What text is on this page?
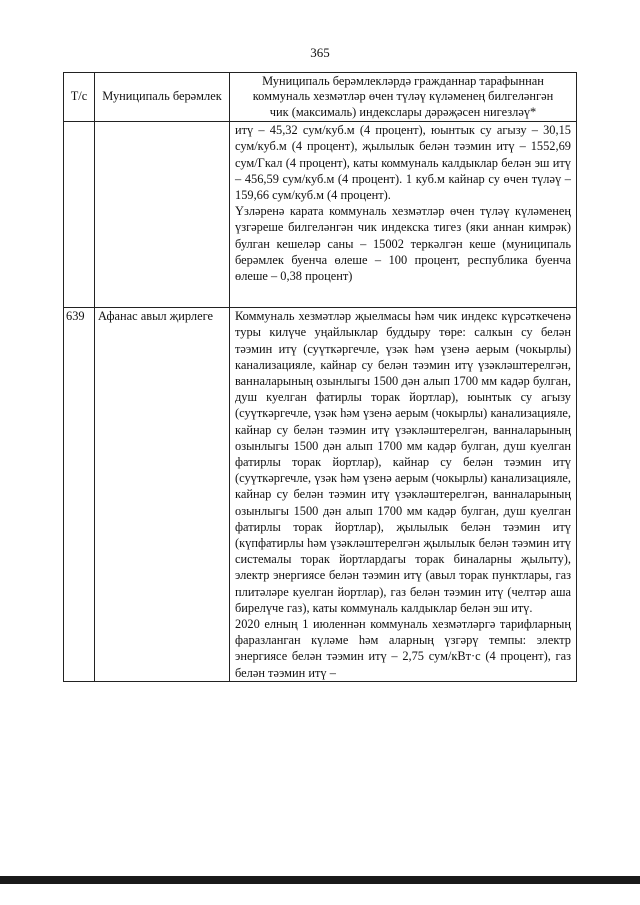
365
Т/с	Муниципаль берәмлек	Муниципаль берәмлекләрдә гражданнар тарафыннан коммуналь хезмәтләр өчен түләү күләменең билгеләнгән чик (максималь) индекслары дәрәҗәсен нигезләү*

		итү – 45,32 сум/куб.м (4 процент), юынтык су агызу – 30,15 сум/куб.м (4 процент), җылылык белән тәэмин итү – 1552,69 сум/Гкал (4 процент), каты коммуналь калдыклар белән эш итү – 456,59 сум/куб.м (4 процент). 1 куб.м кайнар су өчен түләү – 159,66 сум/куб.м (4 процент).

Үзләренә карата коммуналь хезмәтләр өчен түләү күләменең үзгәреше билгеләнгән чик индекска тигез (яки аннан кимрәк) булган кешеләр саны – 15002 теркәлгән кеше (муниципаль берәмлек буенча өлеше – 100 процент, республика буенча өлеше – 0,38 процент)

639	Афанас авыл җирлеге	Коммуналь хезмәтләр җыелмасы һәм чик индекс күрсәткеченә туры килүче уңайлыклар буддыру төре: салкын су белән тәэмин итү (суүткәргечле, үзәк һәм үзенә аерым (чокырлы) канализацияле, кайнар су белән тәэмин итү үзәкләштерелгән, ванналарының озынлыгы 1500 дән алып 1700 мм кадәр булган, душ куелган фатирлы торак йортлар), юынтык су агызу (суүткәргечле, үзәк һәм үзенә аерым (чокырлы) канализацияле, кайнар су белән тәэмин итү үзәкләштерелгән, ванналарының озынлыгы 1500 дән алып 1700 мм кадәр булган, душ куелган фатирлы торак йортлар), кайнар су белән тәэмин итү (суүткәргечле, үзәк һәм үзенә аерым (чокырлы) канализацияле, кайнар су белән тәэмин итү үзәкләштерелгән, ванналарының озынлыгы 1500 дән алып 1700 мм кадәр булган, душ куелган фатирлы торак йортлар), җылылык белән тәэмин итү (күпфатирлы һәм үзәкләштерелгән җылылык белән тәэмин итү системалы торак йортлардагы торак биналарны җылыту), электр энергиясе белән тәэмин итү (авыл торак пунктлары, газ плитәләре куелган йортлар), газ белән тәэмин итү (челтәр аша бирелүче газ), каты коммуналь калдыклар белән эш итү.

2020 елның 1 июленнән коммуналь хезмәтләргә тарифларның фаразланган күләме һәм аларның үзгәрү темпы: электр энергиясе белән тәэмин итү – 2,75 сум/кВт·с (4 процент), газ белән тәэмин итү –
